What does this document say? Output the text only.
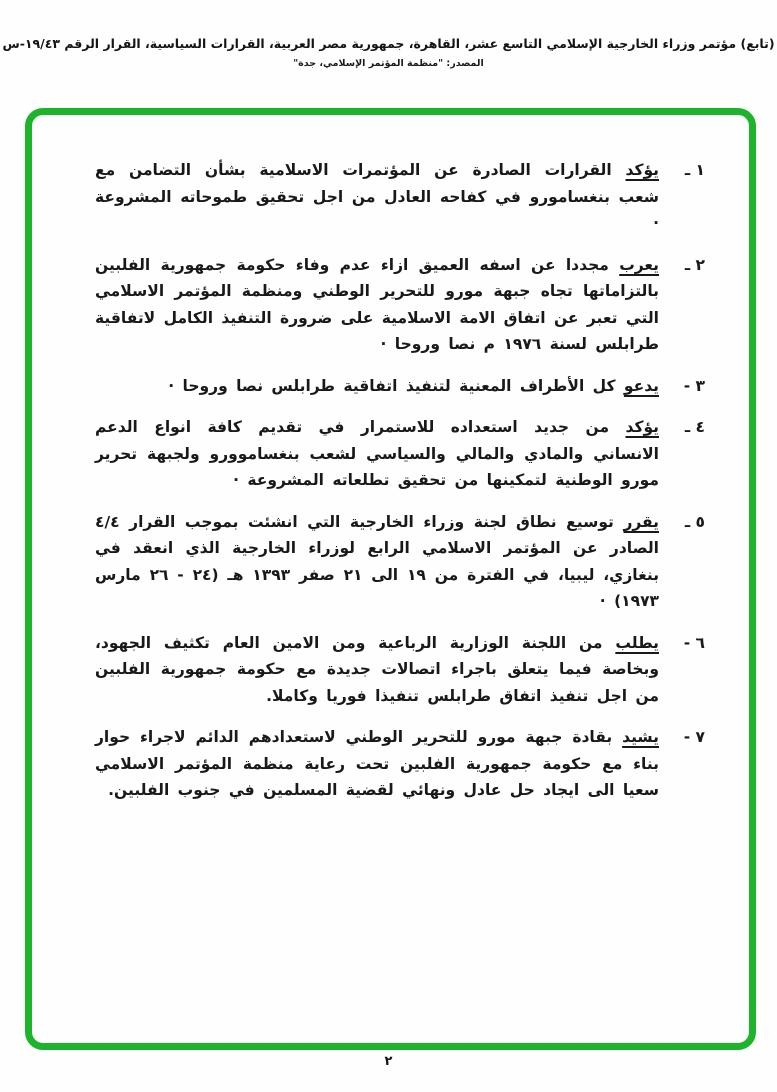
(تابع) مؤتمر وزراء الخارجية الإسلامي التاسع عشر، القاهرة، جمهورية مصر العربية، القرارات السياسية، القرار الرقم ١٩/٤٣-س
المصدر: "منظمة المؤتمر الإسلامي، جدة"
١ ـ

يؤكد القرارات الصادرة عن المؤتمرات الاسلامية بشأن التضامن مع شعب بنغسامورو في كفاحه العادل من اجل تحقيق طموحاته المشروعة ·

٢ ـ

يعرب مجددا عن اسفه العميق ازاء عدم وفاء حكومة جمهورية الفلبين بالتزاماتها تجاه جبهة مورو للتحرير الوطني ومنظمة المؤتمر الاسلامي التي تعبر عن اتفاق الامة الاسلامية على ضرورة التنفيذ الكامل لاتفاقية طرابلس لسنة ١٩٧٦ م نصا وروحا ·

٣ -

يدعو كل الأطراف المعنية لتنفيذ اتفاقية طرابلس نصا وروحا ·

٤ ـ

يؤكد من جديد استعداده للاستمرار في تقديم كافة انواع الدعم الانساني والمادي والمالي والسياسي لشعب بنغساموورو ولجبهة تحرير مورو الوطنية لتمكينها من تحقيق تطلعاته المشروعة ·

٥ ـ

يقرر توسيع نطاق لجنة وزراء الخارجية التي انشئت بموجب القرار ٤/٤ الصادر عن المؤتمر الاسلامي الرابع لوزراء الخارجية الذي انعقد في بنغازي، ليبيا، في الفترة من ١٩ الى ٢١ صفر ١٣٩٣ هـ (٢٤ - ٢٦ مارس ١٩٧٣) ·

٦ -

يطلب من اللجنة الوزارية الرباعية ومن الامين العام تكثيف الجهود، وبخاصة فيما يتعلق باجراء اتصالات جديدة مع حكومة جمهورية الفلبين من اجل تنفيذ اتفاق طرابلس تنفيذا فوريا وكاملا.

٧ -

يشيد بقادة جبهة مورو للتحرير الوطني لاستعدادهم الدائم لاجراء حوار بناء مع حكومة جمهورية الفلبين تحت رعاية منظمة المؤتمر الاسلامي سعيا الى ايجاد حل عادل ونهائي لقضية المسلمين في جنوب الفلبين.

٢
